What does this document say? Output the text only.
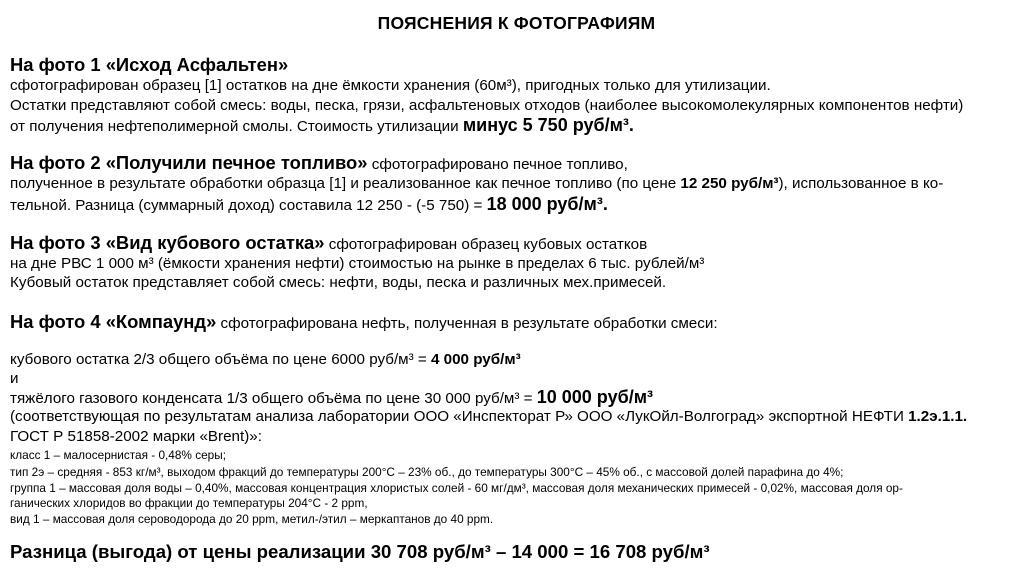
ПОЯСНЕНИЯ К ФОТОГРАФИЯМ
На фото 1 «Исход Асфальтен»
сфотографирован образец [1] остатков на дне ёмкости хранения (60м³), пригодных только для утилизации.
Остатки представляют собой смесь: воды, песка, грязи, асфальтеновых отходов (наиболее высокомолекулярных компонентов нефти)
от получения нефтеполимерной смолы. Стоимость утилизации минус 5 750 руб/м³.
На фото 2 «Получили печное топливо» сфотографировано печное топливо,
полученное в результате обработки образца [1] и реализованное как печное топливо (по цене 12 250 руб/м³), использованное в ко-
тельной. Разница (суммарный доход) составила 12 250 - (-5 750) = 18 000 руб/м³.
На фото 3 «Вид кубового остатка» сфотографирован образец кубовых остатков
на дне РВС 1 000 м³ (ёмкости хранения нефти) стоимостью на рынке в пределах 6 тыс. рублей/м³
Кубовый остаток представляет собой смесь: нефти, воды, песка и различных мех.примесей.
На фото 4 «Компаунд» сфотографирована нефть, полученная в результате обработки смеси:
кубового остатка 2/3 общего объёма по цене 6000 руб/м³ = 4 000 руб/м³
и
тяжёлого газового конденсата 1/3 общего объёма по цене 30 000 руб/м³ = 10 000 руб/м³
(соответствующая по результатам анализа лаборатории ООО «Инспекторат Р» ООО «ЛукОйл-Волгоград» экспортной НЕФТИ 1.2э.1.1.
ГОСТ Р 51858-2002 марки «Brent)»:
класс 1 – малосернистая - 0,48% серы;
тип 2э – средняя - 853 кг/м³, выходом фракций до температуры 200°С – 23% об., до температуры 300°С – 45% об., с массовой долей парафина до 4%;
группа 1 – массовая доля воды – 0,40%, массовая концентрация хлористых солей - 60 мг/дм³, массовая доля механических примесей - 0,02%, массовая доля ор-
ганических хлоридов во фракции до температуры 204°С - 2 ppm,
вид 1 – массовая доля сероводорода до 20 ppm, метил-/этил – меркаптанов до 40 ppm.
Разница (выгода) от цены реализации 30 708 руб/м³ – 14 000 = 16 708 руб/м³
